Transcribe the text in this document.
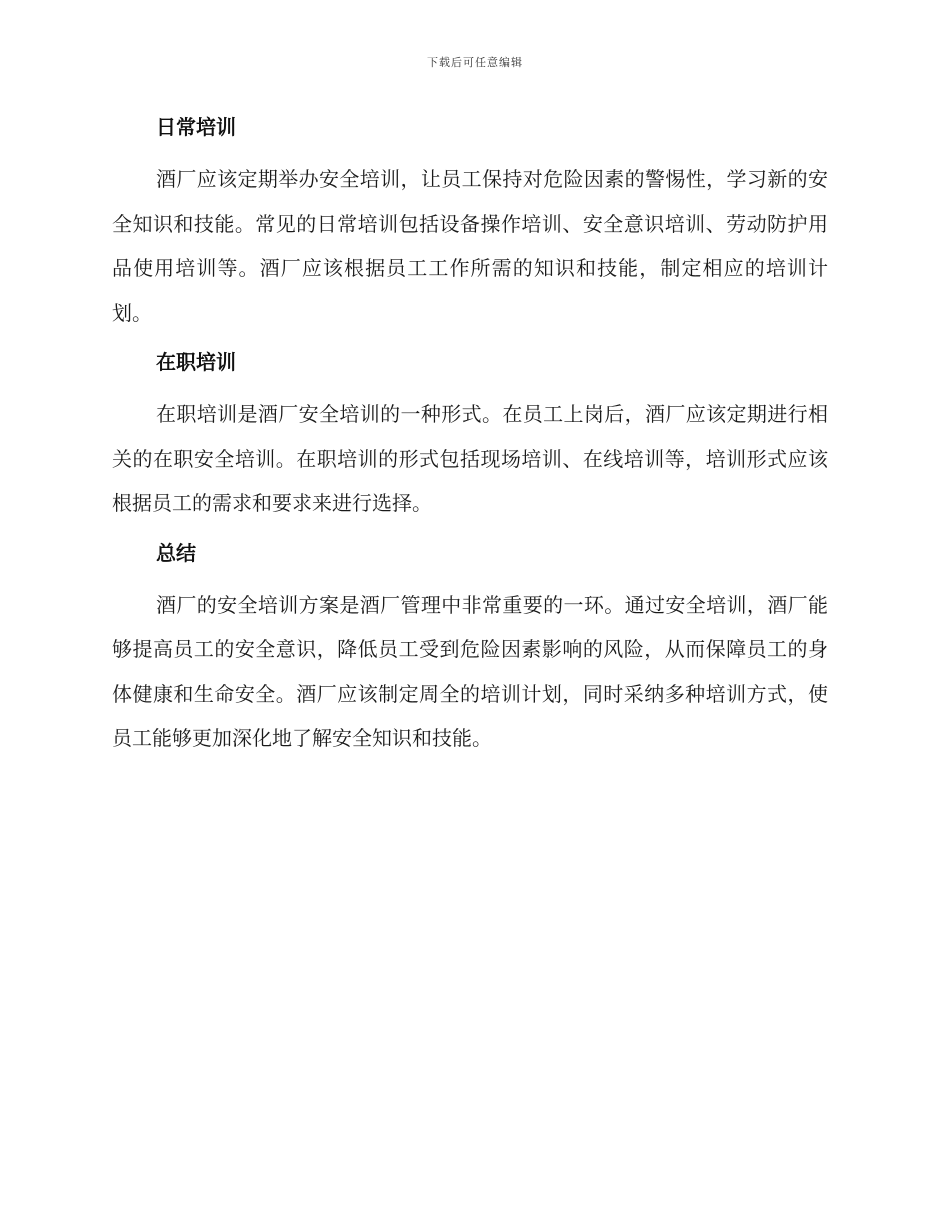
下载后可任意编辑
日常培训

酒厂应该定期举办安全培训，让员工保持对危险因素的警惕性，学习新的安全知识和技能。常见的日常培训包括设备操作培训、安全意识培训、劳动防护用品使用培训等。酒厂应该根据员工工作所需的知识和技能，制定相应的培训计划。

在职培训

在职培训是酒厂安全培训的一种形式。在员工上岗后，酒厂应该定期进行相关的在职安全培训。在职培训的形式包括现场培训、在线培训等，培训形式应该根据员工的需求和要求来进行选择。

总结

酒厂的安全培训方案是酒厂管理中非常重要的一环。通过安全培训，酒厂能够提高员工的安全意识，降低员工受到危险因素影响的风险，从而保障员工的身体健康和生命安全。酒厂应该制定周全的培训计划，同时采纳多种培训方式，使员工能够更加深化地了解安全知识和技能。
